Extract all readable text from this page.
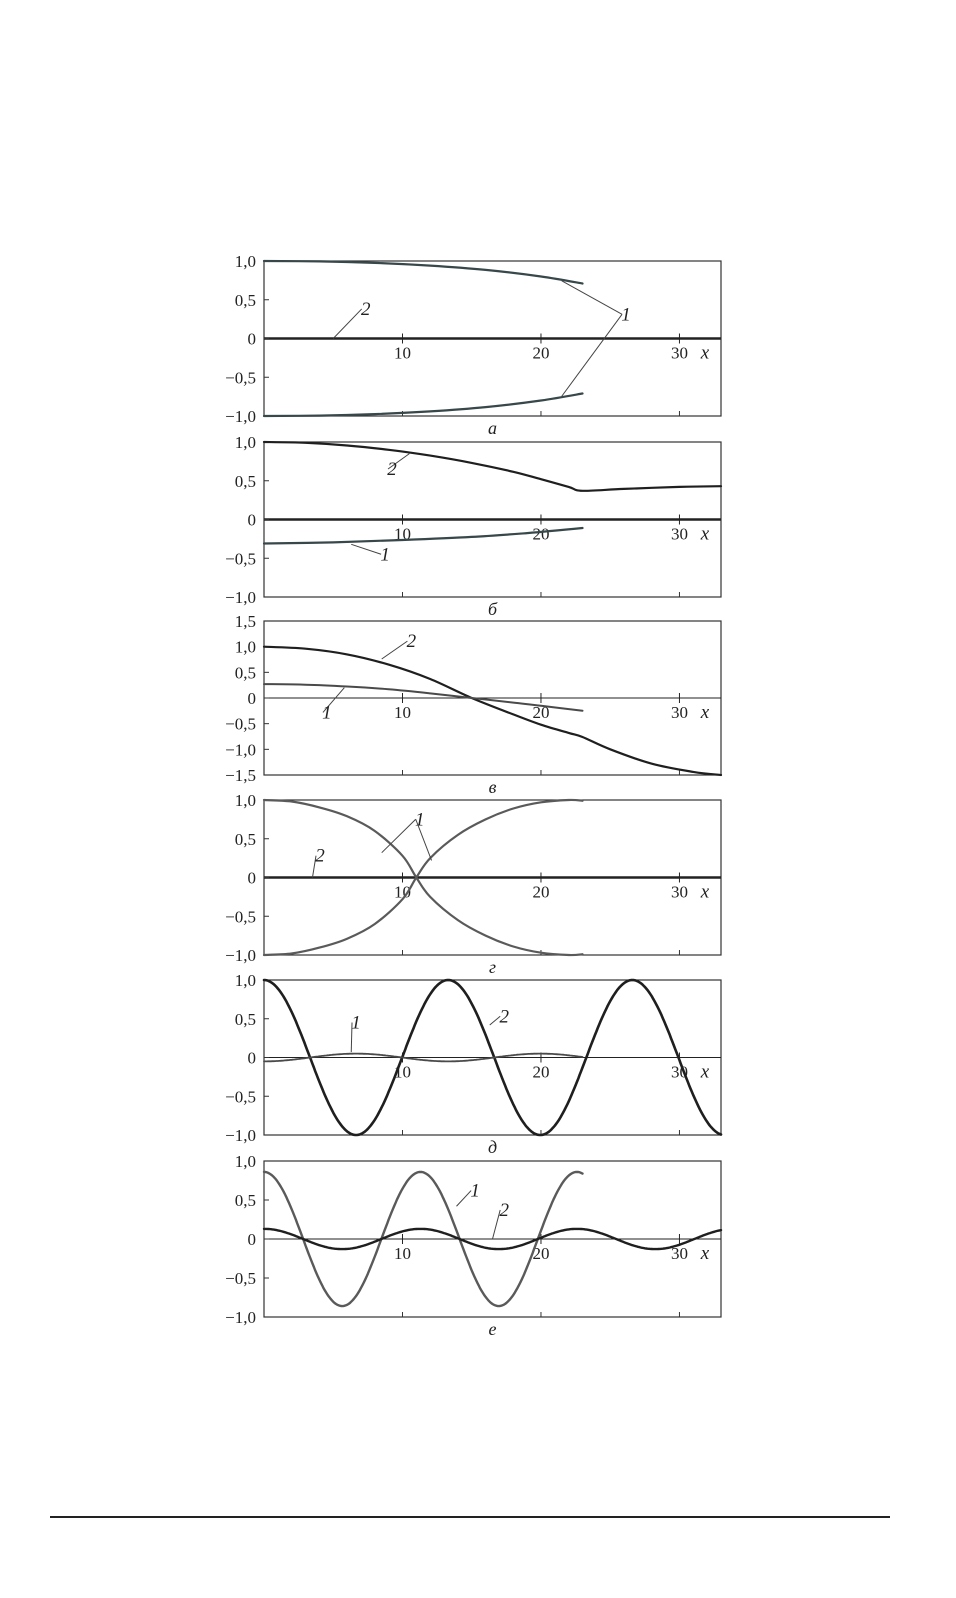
10	20	30 x
1,0
0,5
0
−0,5
−1,0
1
2
а
10	20	30 x
1,0
0,5
0
−0,5
−1,0
2
1
б
10	20	30 x
1,5
1,0
0,5
0
−0,5
−1,0
−1,5
2
1
в
10	20	30 x
1,0
0,5
0
−0,5
−1,0
1
2
г
10	20	30 x
1,0
0,5
0
−0,5
−1,0
1	2
д
10	20	30 x
1,0
0,5
0
−0,5
−1,0
1
2
е
